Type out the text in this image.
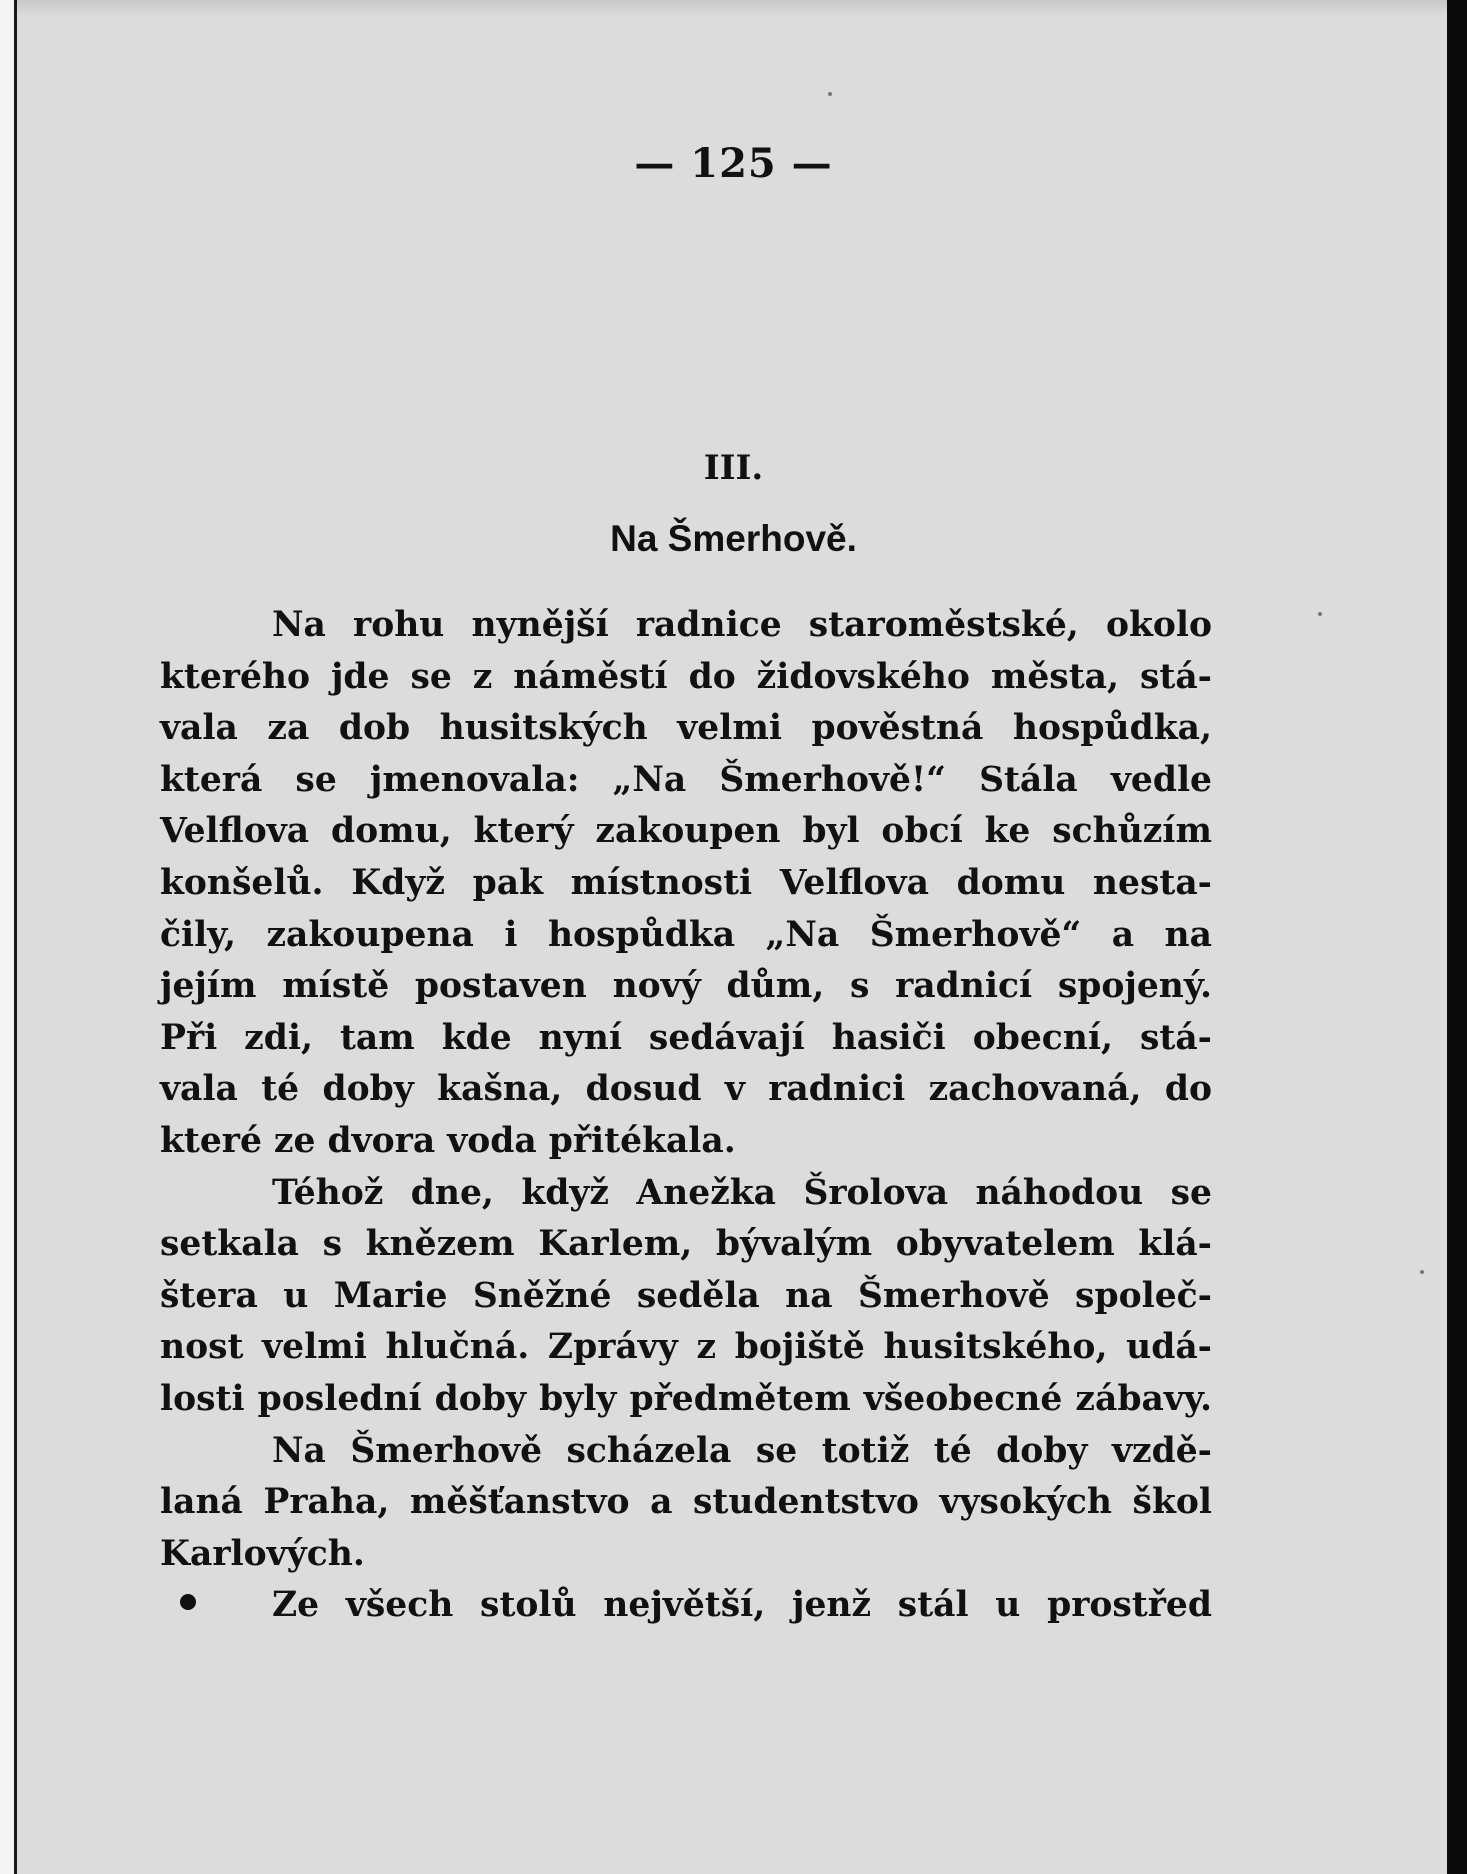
— 125 —
III.
Na Šmerhově.
Na rohu nynější radnice staroměstské, okolo
kterého jde se z náměstí do židovského města, stá-
vala za dob husitských velmi pověstná hospůdka,
která se jmenovala: „Na Šmerhově!“ Stála vedle
Velflova domu, který zakoupen byl obcí ke schůzím
konšelů. Když pak místnosti Velflova domu nesta-
čily, zakoupena i hospůdka „Na Šmerhově“ a na
jejím místě postaven nový dům, s radnicí spojený.
Při zdi, tam kde nyní sedávají hasiči obecní, stá-
vala té doby kašna, dosud v radnici zachovaná, do
které ze dvora voda přitékala.
Téhož dne, když Anežka Šrolova náhodou se
setkala s knězem Karlem, bývalým obyvatelem klá-
štera u Marie Sněžné seděla na Šmerhově společ-
nost velmi hlučná. Zprávy z bojiště husitského, udá-
losti poslední doby byly předmětem všeobecné zábavy.
Na Šmerhově scházela se totiž té doby vzdě-
laná Praha, měšťanstvo a studentstvo vysokých škol
Karlových.
Ze všech stolů největší, jenž stál u prostřed
